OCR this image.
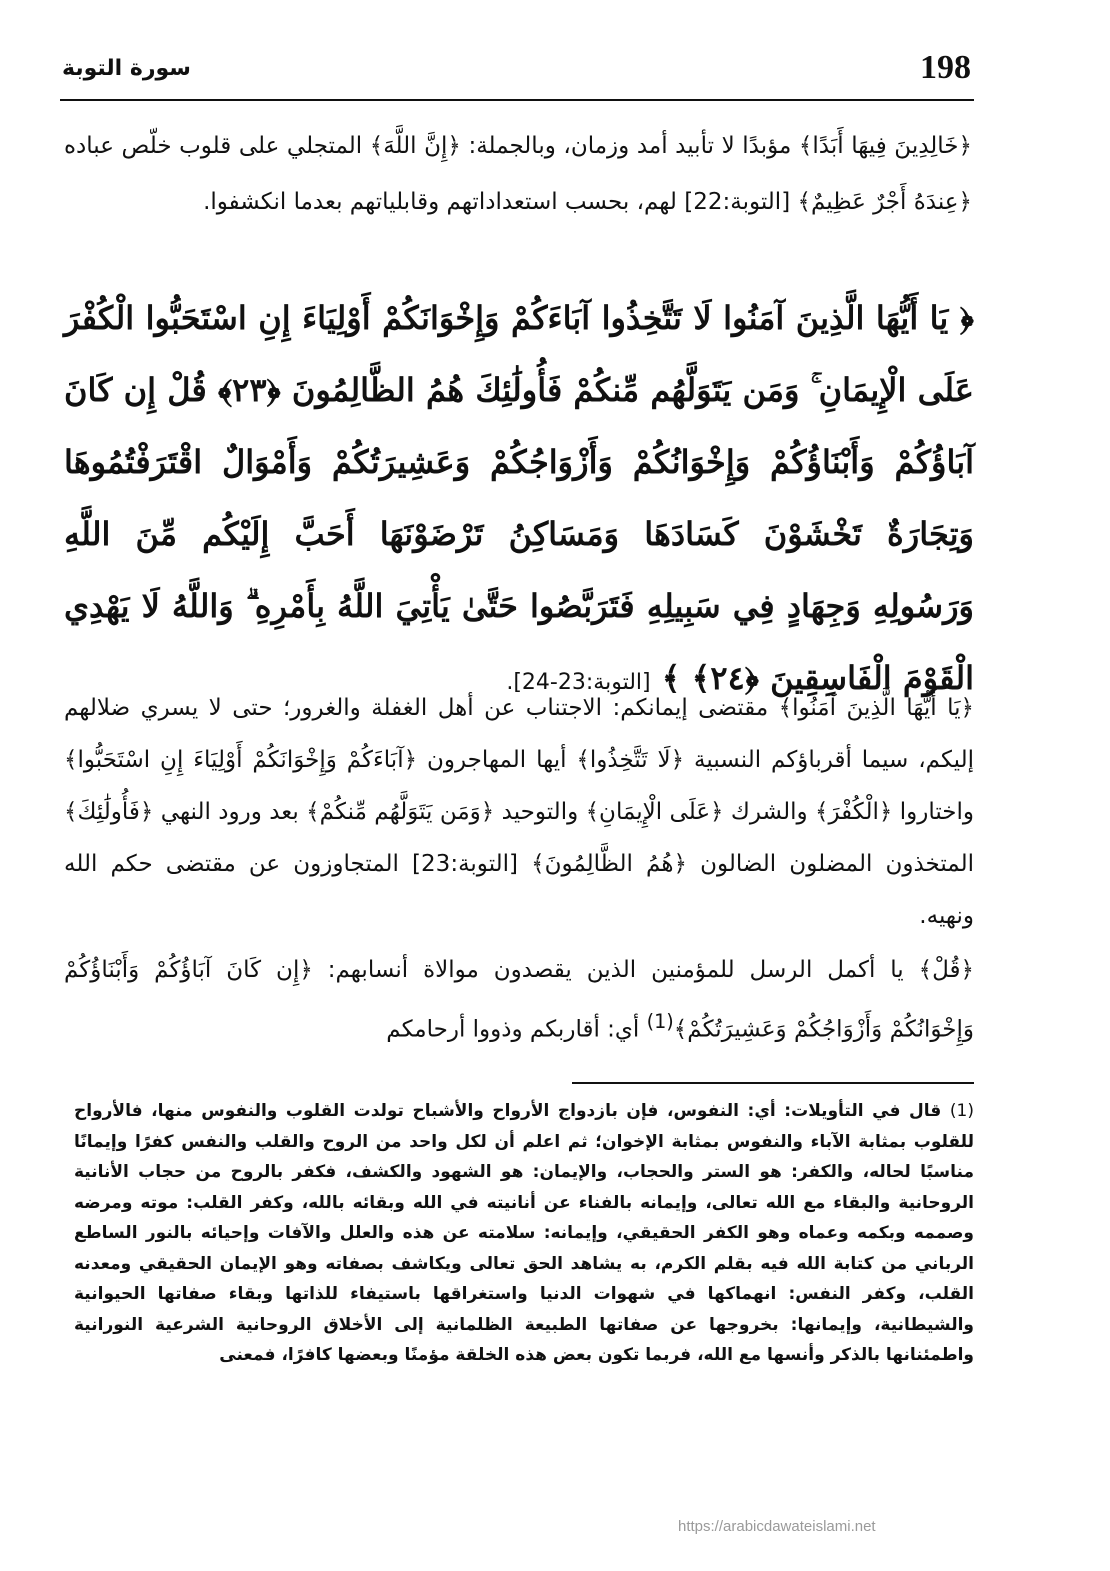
198
سورة التوبة
﴿خَالِدِينَ فِيهَا أَبَدًا﴾ مؤبدًا لا تأبيد أمد وزمان، وبالجملة: ﴿إِنَّ اللَّهَ﴾ المتجلي على قلوب خلّص عباده ﴿عِندَهُ أَجْرٌ عَظِيمٌ﴾ [التوبة:22] لهم، بحسب استعداداتهم وقابلياتهم بعدما انكشفوا.
﴿ يَا أَيُّهَا الَّذِينَ آمَنُوا لَا تَتَّخِذُوا آبَاءَكُمْ وَإِخْوَانَكُمْ أَوْلِيَاءَ إِنِ اسْتَحَبُّوا الْكُفْرَ عَلَى الْإِيمَانِ ۚ وَمَن يَتَوَلَّهُم مِّنكُمْ فَأُولَٰئِكَ هُمُ الظَّالِمُونَ ﴿٢٣﴾ قُلْ إِن كَانَ آبَاؤُكُمْ وَأَبْنَاؤُكُمْ وَإِخْوَانُكُمْ وَأَزْوَاجُكُمْ وَعَشِيرَتُكُمْ وَأَمْوَالٌ اقْتَرَفْتُمُوهَا وَتِجَارَةٌ تَخْشَوْنَ كَسَادَهَا وَمَسَاكِنُ تَرْضَوْنَهَا أَحَبَّ إِلَيْكُم مِّنَ اللَّهِ وَرَسُولِهِ وَجِهَادٍ فِي سَبِيلِهِ فَتَرَبَّصُوا حَتَّىٰ يَأْتِيَ اللَّهُ بِأَمْرِهِ ۗ وَاللَّهُ لَا يَهْدِي الْقَوْمَ الْفَاسِقِينَ ﴿٢٤﴾ ﴾ [التوبة:23-24].
﴿يَا أَيُّهَا الَّذِينَ آمَنُوا﴾ مقتضى إيمانكم: الاجتناب عن أهل الغفلة والغرور؛ حتى لا يسري ضلالهم إليكم، سيما أقرباؤكم النسبية ﴿لَا تَتَّخِذُوا﴾ أيها المهاجرون ﴿آبَاءَكُمْ وَإِخْوَانَكُمْ أَوْلِيَاءَ إِنِ اسْتَحَبُّوا﴾ واختاروا ﴿الْكُفْرَ﴾ والشرك ﴿عَلَى الْإِيمَانِ﴾ والتوحيد ﴿وَمَن يَتَوَلَّهُم مِّنكُمْ﴾ بعد ورود النهي ﴿فَأُولَٰئِكَ﴾ المتخذون المضلون الضالون ﴿هُمُ الظَّالِمُونَ﴾ [التوبة:23] المتجاوزون عن مقتضى حكم الله ونهيه.
﴿قُلْ﴾ يا أكمل الرسل للمؤمنين الذين يقصدون موالاة أنسابهم: ﴿إِن كَانَ آبَاؤُكُمْ وَأَبْنَاؤُكُمْ وَإِخْوَانُكُمْ وَأَزْوَاجُكُمْ وَعَشِيرَتُكُمْ﴾$^{(1)}$ أي: أقاربكم وذووا أرحامكم
(1) قال في التأويلات: أي: النفوس، فإن بازدواج الأرواح والأشباح تولدت القلوب والنفوس منها، فالأرواح للقلوب بمثابة الآباء والنفوس بمثابة الإخوان؛ ثم اعلم أن لكل واحد من الروح والقلب والنفس كفرًا وإيمانًا مناسبًا لحاله، والكفر: هو الستر والحجاب، والإيمان: هو الشهود والكشف، فكفر بالروح من حجاب الأنانية الروحانية والبقاء مع الله تعالى، وإيمانه بالفناء عن أنانيته في الله وبقائه بالله، وكفر القلب: موته ومرضه وصممه وبكمه وعماه وهو الكفر الحقيقي، وإيمانه: سلامته عن هذه والعلل والآفات وإحيائه بالنور الساطع الرباني من كتابة الله فيه بقلم الكرم، به يشاهد الحق تعالى ويكاشف بصفاته وهو الإيمان الحقيقي ومعدنه القلب، وكفر النفس: انهماكها في شهوات الدنيا واستغراقها باستيفاء للذاتها وبقاء صفاتها الحيوانية والشيطانية، وإيمانها: بخروجها عن صفاتها الطبيعة الظلمانية إلى الأخلاق الروحانية الشرعية النورانية واطمئنانها بالذكر وأنسها مع الله، فربما تكون بعض هذه الخلقة مؤمنًا وبعضها كافرًا، فمعنى
https://arabicdawateislami.net
